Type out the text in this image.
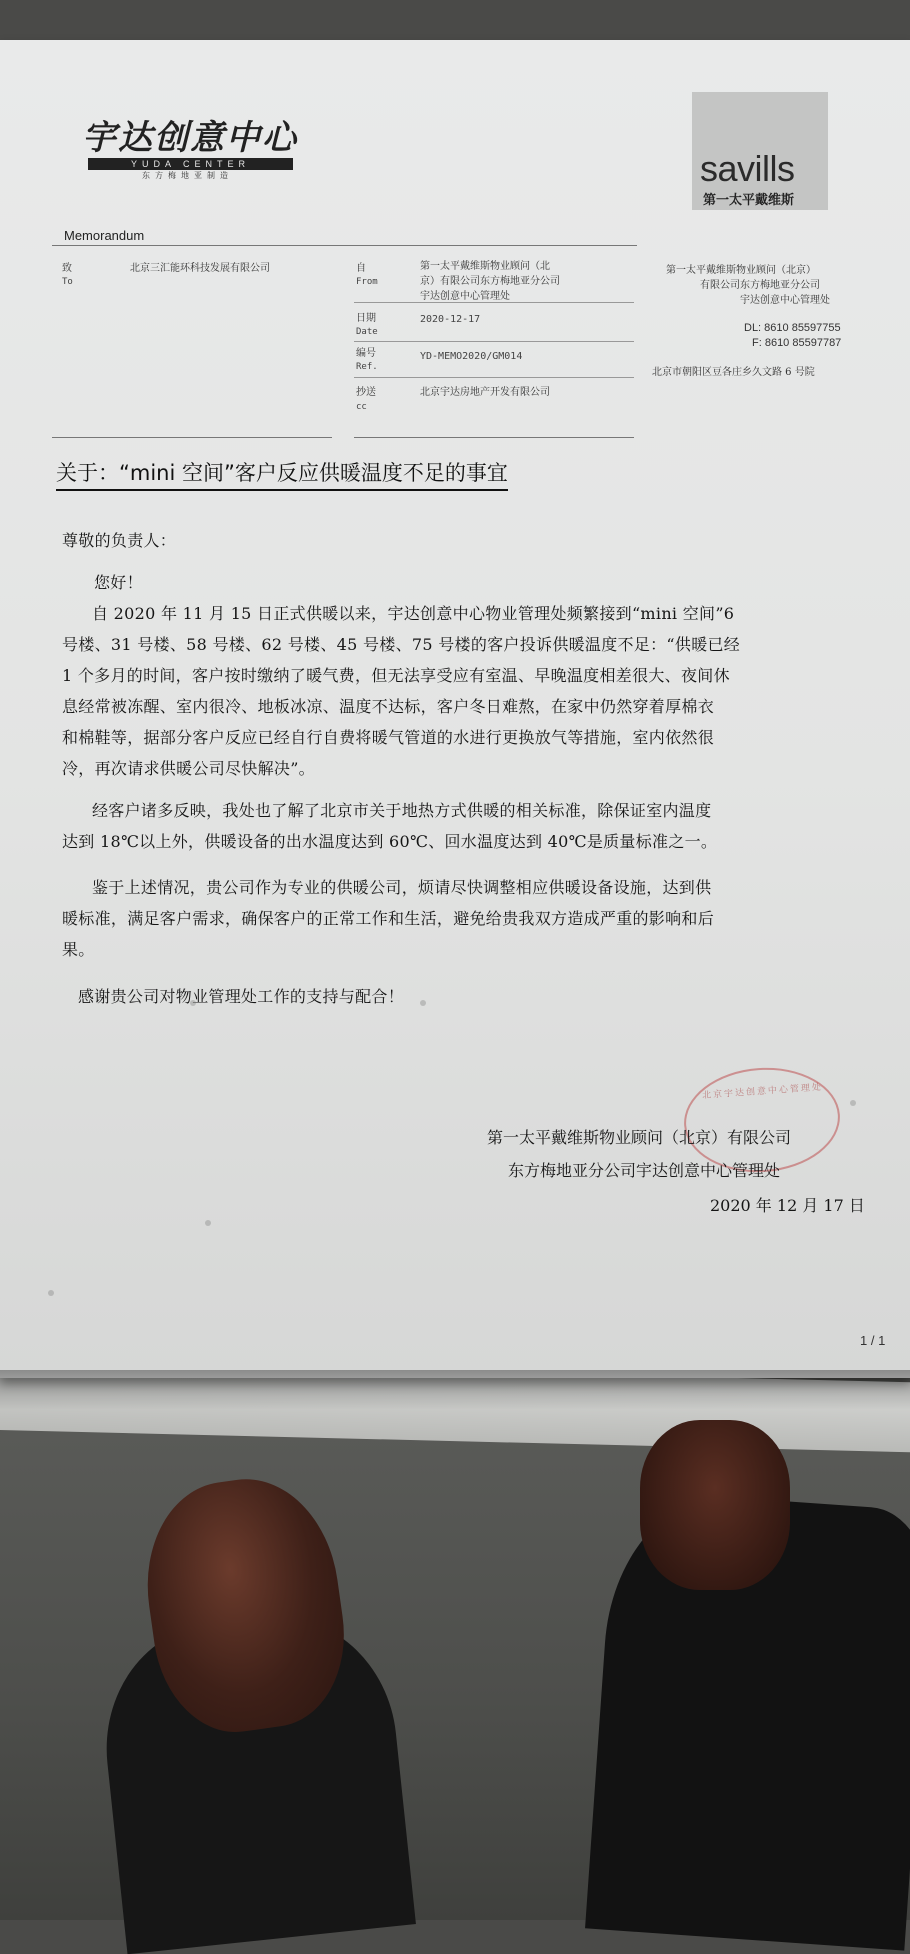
宇达创意中心
YUDA CENTER
东方梅地亚制造	savills
第一太平戴维斯
Memorandum
致
To
北京三汇能环科技发展有限公司	自
From
第一太平戴维斯物业顾问（北
京）有限公司东方梅地亚分公司
宇达创意中心管理处
日期
Date
2020-12-17
编号
Ref.
YD-MEMO2020/GM014
抄送
cc
北京宇达房地产开发有限公司
第一太平戴维斯物业顾问（北京）
有限公司东方梅地亚分公司
宇达创意中心管理处
DL: 8610 85597755
F: 8610 85597787
北京市朝阳区豆各庄乡久文路 6 号院
关于：“mini 空间”客户反应供暖温度不足的事宜
尊敬的负责人：
您好！
自 2020 年 11 月 15 日正式供暖以来，宇达创意中心物业管理处频繁接到“mini 空间”6
号楼、31 号楼、58 号楼、62 号楼、45 号楼、75 号楼的客户投诉供暖温度不足：“供暖已经
1 个多月的时间，客户按时缴纳了暖气费，但无法享受应有室温、早晚温度相差很大、夜间休
息经常被冻醒、室内很冷、地板冰凉、温度不达标，客户冬日难熬，在家中仍然穿着厚棉衣
和棉鞋等，据部分客户反应已经自行自费将暖气管道的水进行更换放气等措施，室内依然很
冷，再次请求供暖公司尽快解决”。
经客户诸多反映，我处也了解了北京市关于地热方式供暖的相关标准，除保证室内温度
达到 18℃以上外，供暖设备的出水温度达到 60℃、回水温度达到 40℃是质量标准之一。
鉴于上述情况，贵公司作为专业的供暖公司，烦请尽快调整相应供暖设备设施，达到供
暖标准，满足客户需求，确保客户的正常工作和生活，避免给贵我双方造成严重的影响和后
果。
感谢贵公司对物业管理处工作的支持与配合！
北京宇达创意中心管理处
第一太平戴维斯物业顾问（北京）有限公司
东方梅地亚分公司宇达创意中心管理处
2020 年 12 月 17 日
1 / 1
